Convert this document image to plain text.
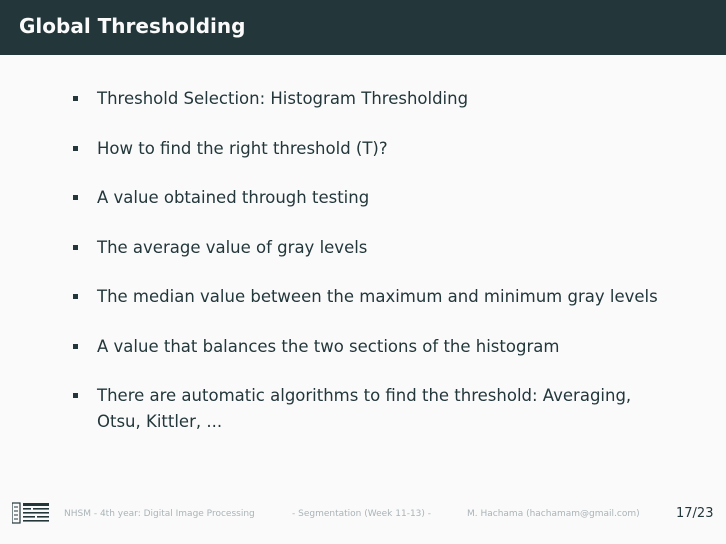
Global Thresholding
Threshold Selection: Histogram Thresholding
How to find the right threshold (T)?
A value obtained through testing
The average value of gray levels
The median value between the maximum and minimum gray levels
A value that balances the two sections of the histogram
There are automatic algorithms to find the threshold: Averaging, Otsu, Kittler, ...
NHSM - 4th year: Digital Image Processing	- Segmentation (Week 11-13) -	M. Hachama (hachamam@gmail.com)	17/23
